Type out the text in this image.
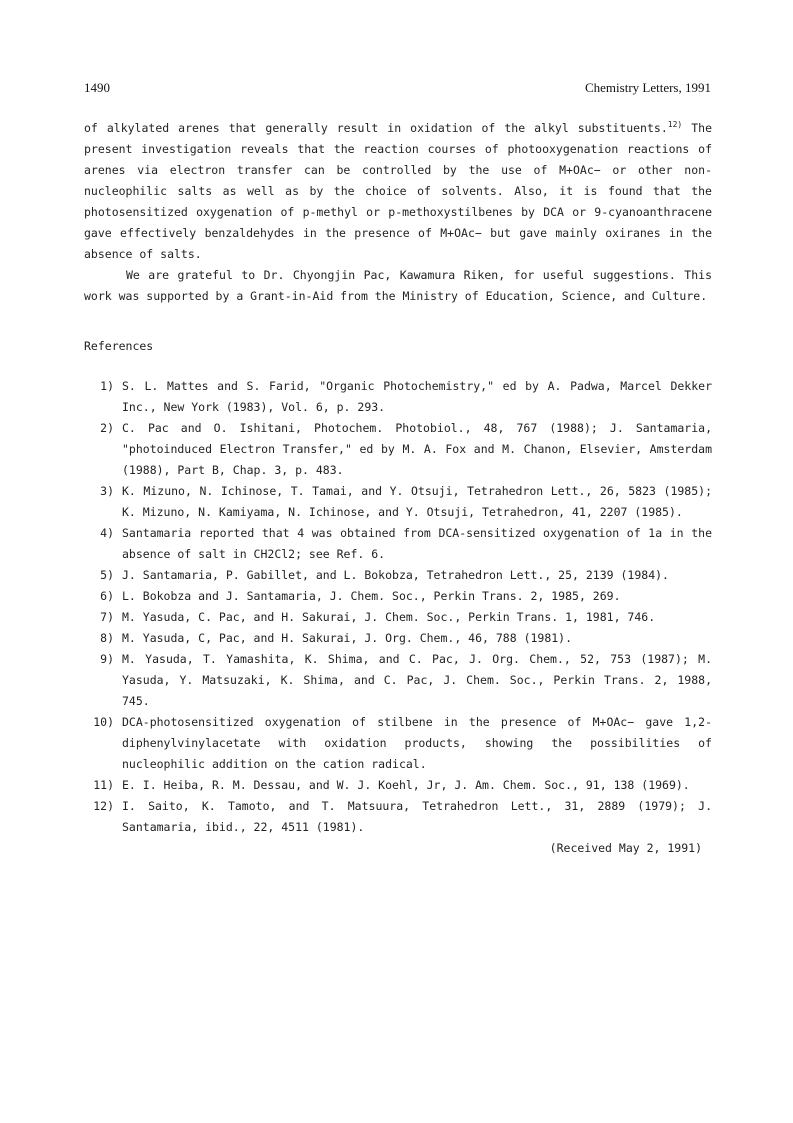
1490	Chemistry Letters, 1991

of alkylated arenes that generally result in oxidation of the alkyl substituents.$^{12)}$ The present investigation reveals that the reaction courses of photooxygenation reactions of arenes via electron transfer can be controlled by the use of M+OAc− or other non-nucleophilic salts as well as by the choice of solvents. Also, it is found that the photosensitized oxygenation of p-methyl or p-methoxystilbenes by DCA or 9-cyanoanthracene gave effectively benzaldehydes in the presence of M+OAc− but gave mainly oxiranes in the absence of salts.

We are grateful to Dr. Chyongjin Pac, Kawamura Riken, for useful suggestions. This work was supported by a Grant-in-Aid from the Ministry of Education, Science, and Culture.

References

1) S. L. Mattes and S. Farid, "Organic Photochemistry," ed by A. Padwa, Marcel Dekker Inc., New York (1983), Vol. 6, p. 293.
2) C. Pac and O. Ishitani, Photochem. Photobiol., 48, 767 (1988); J. Santamaria, "photoinduced Electron Transfer," ed by M. A. Fox and M. Chanon, Elsevier, Amsterdam (1988), Part B, Chap. 3, p. 483.
3) K. Mizuno, N. Ichinose, T. Tamai, and Y. Otsuji, Tetrahedron Lett., 26, 5823 (1985); K. Mizuno, N. Kamiyama, N. Ichinose, and Y. Otsuji, Tetrahedron, 41, 2207 (1985).
4) Santamaria reported that 4 was obtained from DCA-sensitized oxygenation of 1a in the absence of salt in CH2Cl2; see Ref. 6.
5) J. Santamaria, P. Gabillet, and L. Bokobza, Tetrahedron Lett., 25, 2139 (1984).
6) L. Bokobza and J. Santamaria, J. Chem. Soc., Perkin Trans. 2, 1985, 269.
7) M. Yasuda, C. Pac, and H. Sakurai, J. Chem. Soc., Perkin Trans. 1, 1981, 746.
8) M. Yasuda, C, Pac, and H. Sakurai, J. Org. Chem., 46, 788 (1981).
9) M. Yasuda, T. Yamashita, K. Shima, and C. Pac, J. Org. Chem., 52, 753 (1987); M. Yasuda, Y. Matsuzaki, K. Shima, and C. Pac, J. Chem. Soc., Perkin Trans. 2, 1988, 745.
10) DCA-photosensitized oxygenation of stilbene in the presence of M+OAc− gave 1,2-diphenylvinylacetate with oxidation products, showing the possibilities of nucleophilic addition on the cation radical.
11) E. I. Heiba, R. M. Dessau, and W. J. Koehl, Jr, J. Am. Chem. Soc., 91, 138 (1969).
12) I. Saito, K. Tamoto, and T. Matsuura, Tetrahedron Lett., 31, 2889 (1979); J. Santamaria, ibid., 22, 4511 (1981).

(Received May 2, 1991)
